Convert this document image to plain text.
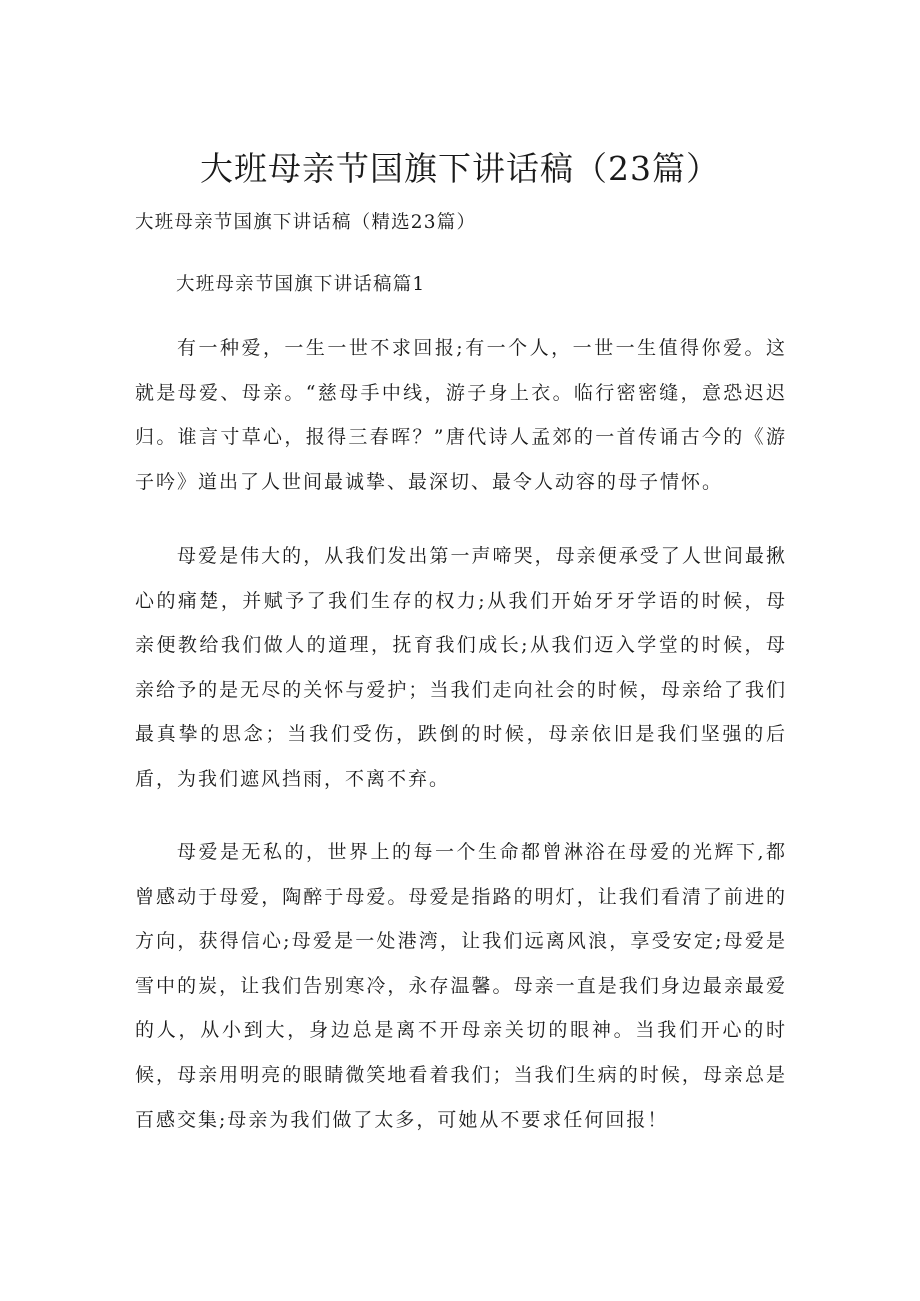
大班母亲节国旗下讲话稿（23篇）

大班母亲节国旗下讲话稿（精选23篇）

大班母亲节国旗下讲话稿篇1

有一种爱，一生一世不求回报;有一个人，一世一生值得你爱。这就是母爱、母亲。“慈母手中线，游子身上衣。临行密密缝，意恐迟迟归。谁言寸草心，报得三春晖？”唐代诗人孟郊的一首传诵古今的《游子吟》道出了人世间最诚挚、最深切、最令人动容的母子情怀。

母爱是伟大的，从我们发出第一声啼哭，母亲便承受了人世间最揪心的痛楚，并赋予了我们生存的权力;从我们开始牙牙学语的时候，母亲便教给我们做人的道理，抚育我们成长;从我们迈入学堂的时候，母亲给予的是无尽的关怀与爱护；当我们走向社会的时候，母亲给了我们最真挚的思念；当我们受伤，跌倒的时候，母亲依旧是我们坚强的后盾，为我们遮风挡雨，不离不弃。

母爱是无私的，世界上的每一个生命都曾淋浴在母爱的光辉下,都曾感动于母爱，陶醉于母爱。母爱是指路的明灯，让我们看清了前进的方向，获得信心;母爱是一处港湾，让我们远离风浪，享受安定;母爱是雪中的炭，让我们告别寒冷，永存温馨。母亲一直是我们身边最亲最爱的人，从小到大，身边总是离不开母亲关切的眼神。当我们开心的时候，母亲用明亮的眼睛微笑地看着我们；当我们生病的时候，母亲总是百感交集;母亲为我们做了太多，可她从不要求任何回报！
